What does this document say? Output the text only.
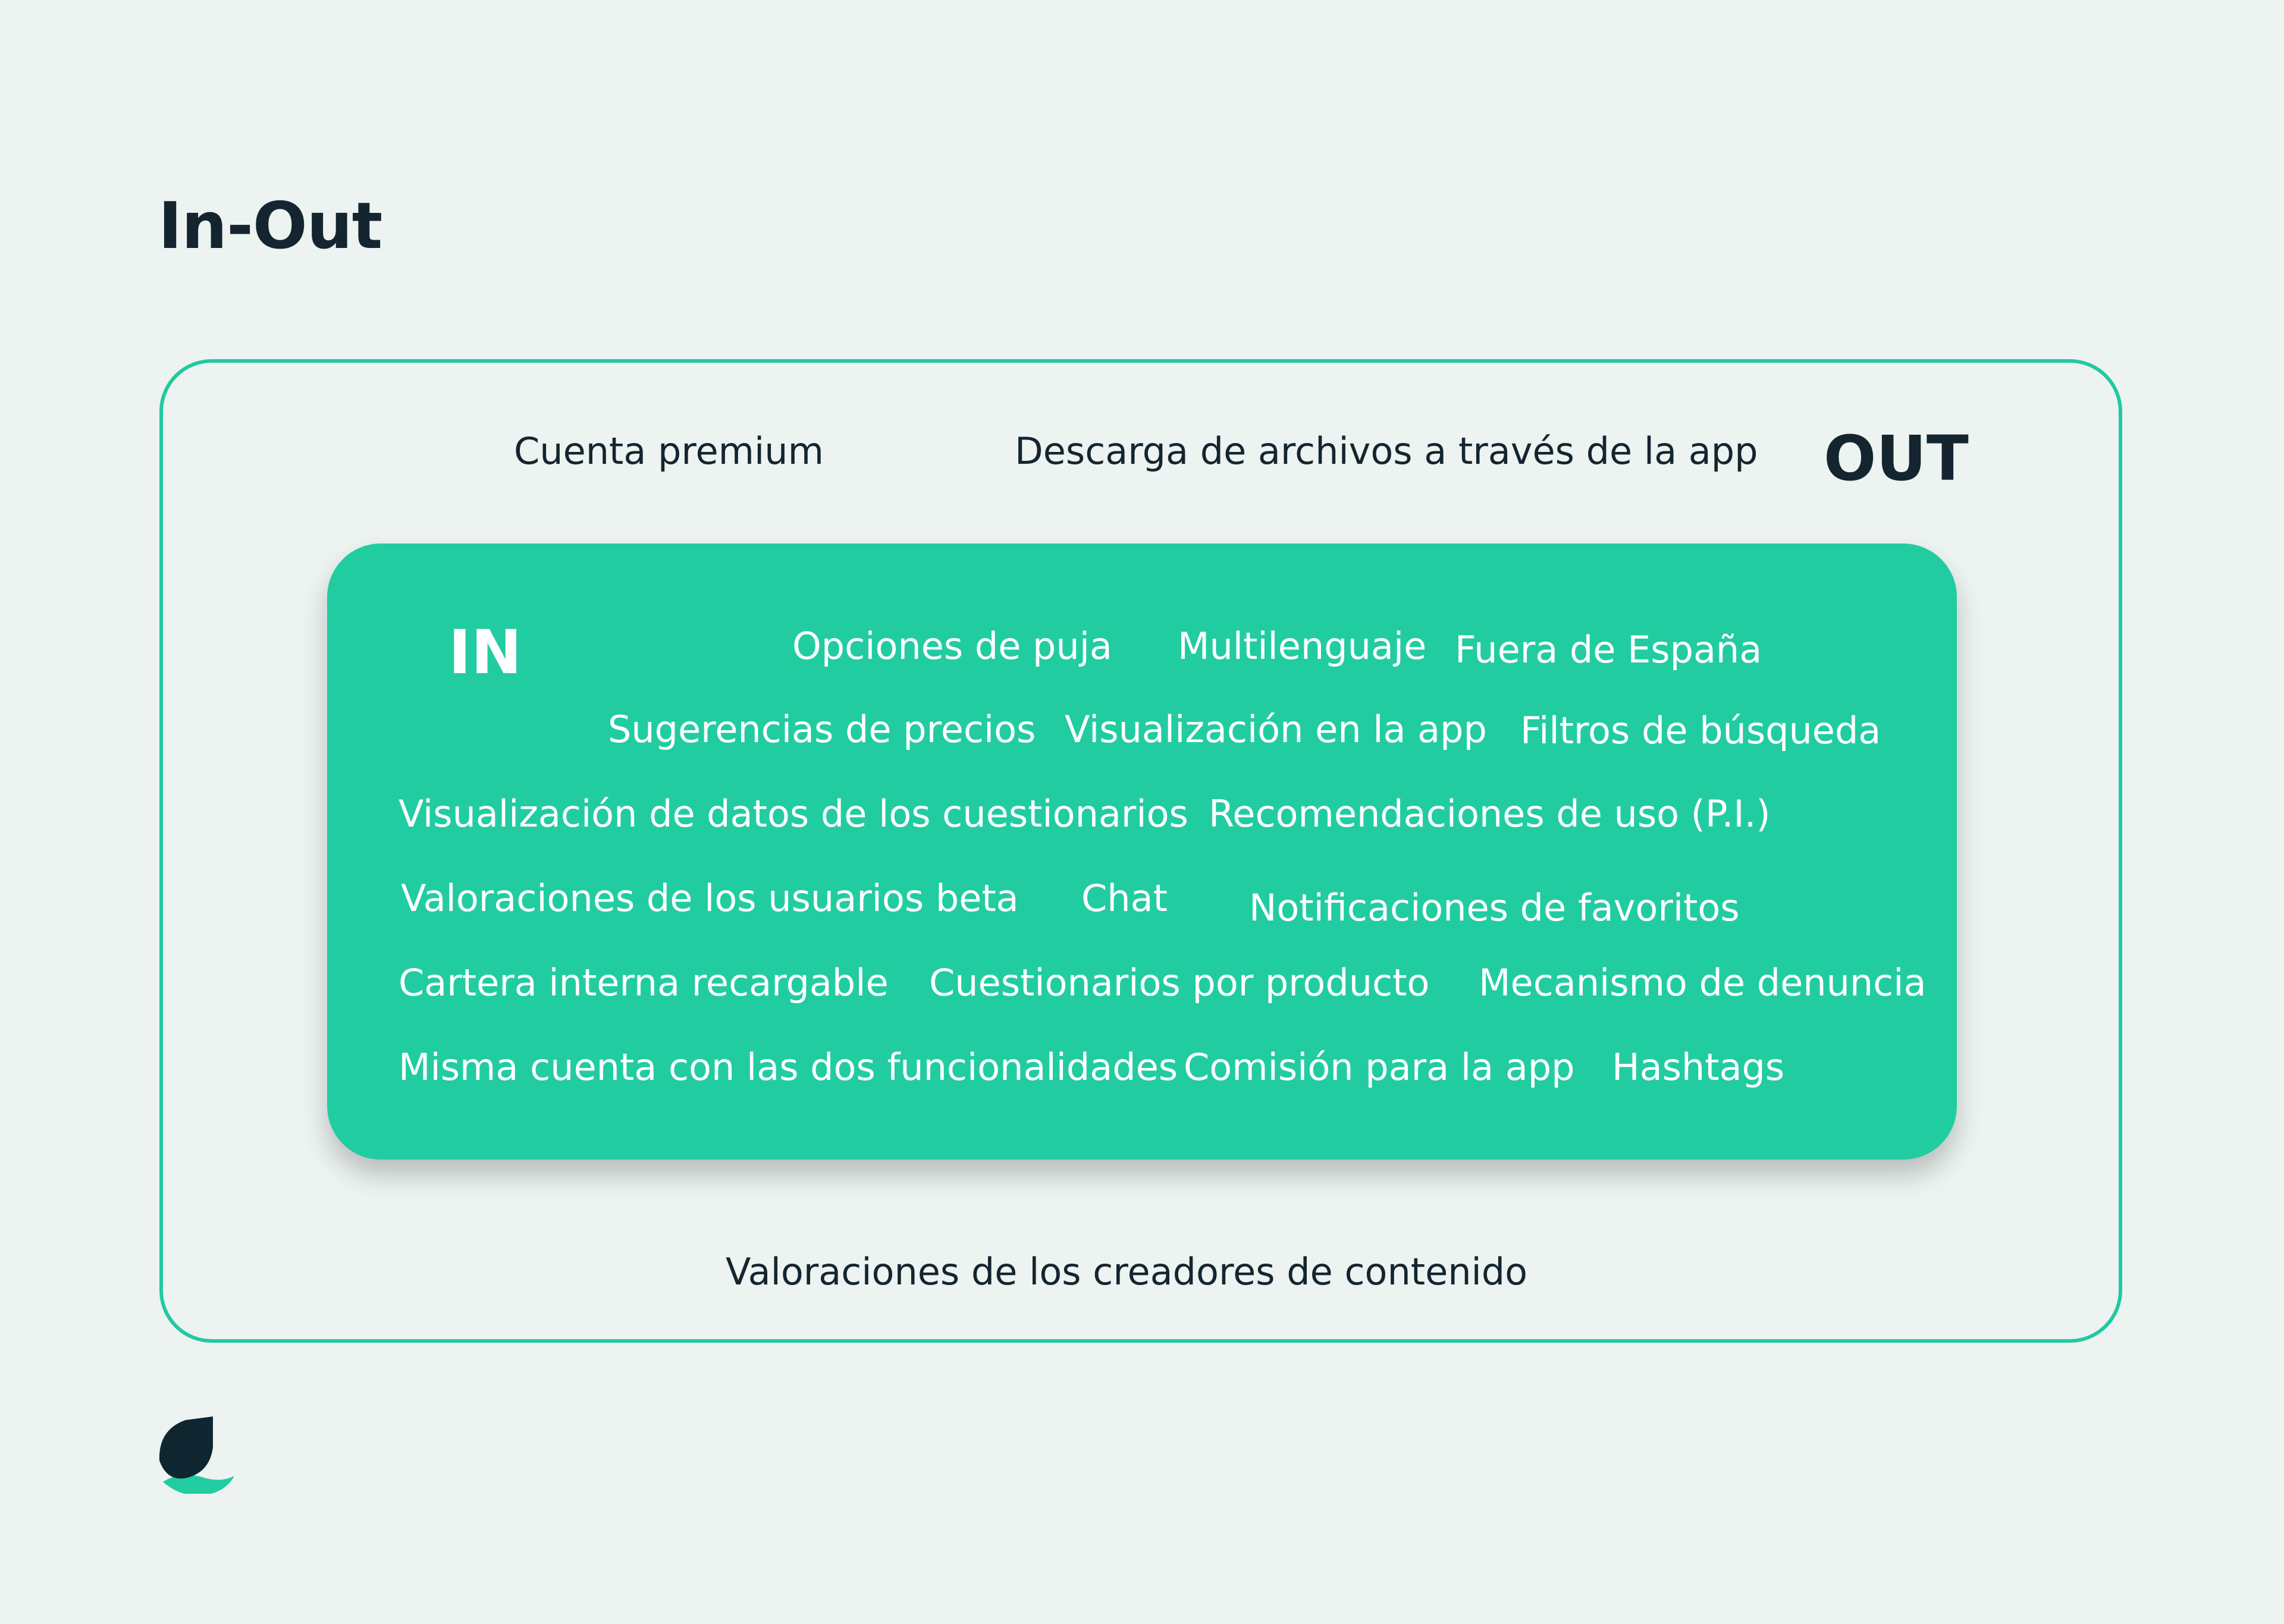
In-Out
Cuenta premium	Descarga de archivos a través de la app OUT
IN	Opciones de puja Multilenguaje Fuera de España
Sugerencias de precios Visualización en la app Filtros de búsqueda
Visualización de datos de los cuestionarios Recomendaciones de uso (P.I.)
Valoraciones de los usuarios beta Chat Notificaciones de favoritos
Cartera interna recargable Cuestionarios por producto Mecanismo de denuncia
Misma cuenta con las dos funcionalidades Comisión para la app Hashtags
Valoraciones de los creadores de contenido
